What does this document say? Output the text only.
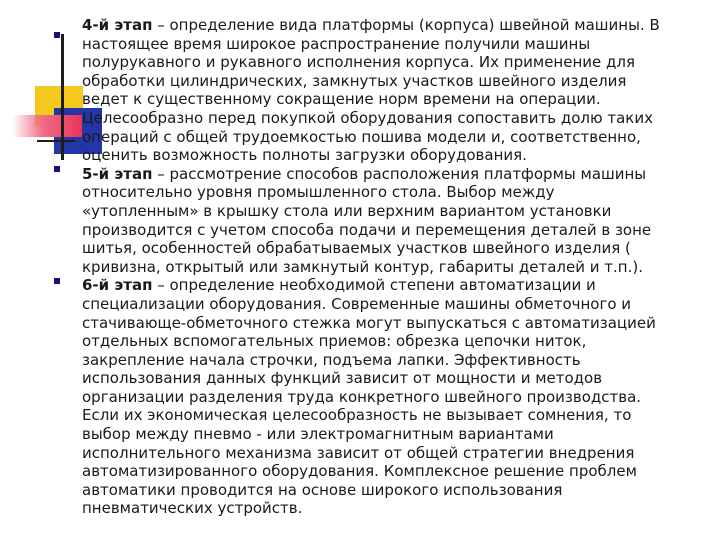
4-й этап – определение вида платформы (корпуса) швейной машины. В настоящее время широкое распространение получили машины полурукавного и рукавного исполнения корпуса. Их применение для обработки цилиндрических, замкнутых участков швейного изделия ведет к существенному сокращение норм времени на операции. Целесообразно перед покупкой оборудования сопоставить долю таких операций с общей трудоемкостью пошива модели и, соответственно, оценить возможность полноты загрузки оборудования.

5-й этап – рассмотрение способов расположения платформы машины относительно уровня промышленного стола. Выбор между «утопленным» в крышку стола или верхним вариантом установки производится с учетом способа подачи и перемещения деталей в зоне шитья, особенностей обрабатываемых участков швейного изделия ( кривизна, открытый или замкнутый контур, габариты деталей и т.п.).

6-й этап – определение необходимой степени автоматизации и специализации оборудования. Современные машины обметочного и стачивающе-обметочного стежка могут выпускаться с автоматизацией отдельных вспомогательных приемов: обрезка цепочки ниток, закрепление начала строчки, подъема лапки. Эффективность использования данных функций зависит от мощности и методов организации разделения труда конкретного швейного производства. Если их экономическая целесообразность не вызывает сомнения, то выбор между пневмо - или электромагнитным вариантами исполнительного механизма зависит от общей стратегии внедрения автоматизированного оборудования. Комплексное решение проблем автоматики проводится на основе широкого использования пневматических устройств.
